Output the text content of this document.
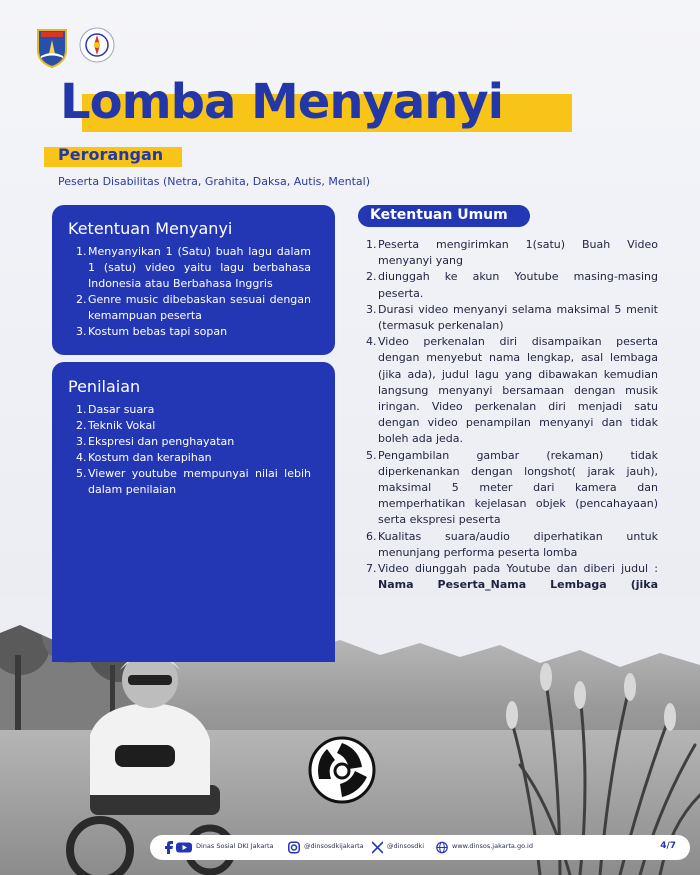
Lomba Menyanyi
Perorangan
Peserta Disabilitas (Netra, Grahita, Daksa, Autis, Mental)
Ketentuan Menyanyi
1. Menyanyikan 1 (Satu) buah lagu dalam 1 (satu) video yaitu lagu berbahasa Indonesia atau Berbahasa Inggris
2. Genre music dibebaskan sesuai dengan kemampuan peserta
3. Kostum bebas tapi sopan
Penilaian
1. Dasar suara
2. Teknik Vokal
3. Ekspresi dan penghayatan
4. Kostum dan kerapihan
5. Viewer youtube mempunyai nilai lebih dalam penilaian
Ketentuan Umum
1. Peserta mengirimkan 1(satu) Buah Video menyanyi yang
2. diunggah ke akun Youtube masing-masing peserta.
3. Durasi video menyanyi selama maksimal 5 menit (termasuk perkenalan)
4. Video perkenalan diri disampaikan peserta dengan menyebut nama lengkap, asal lembaga (jika ada), judul lagu yang dibawakan kemudian langsung menyanyi bersamaan dengan musik iringan. Video perkenalan diri menjadi satu dengan video penampilan menyanyi dan tidak boleh ada jeda.
5. Pengambilan gambar (rekaman) tidak diperkenankan dengan longshot( jarak jauh), maksimal 5 meter dari kamera dan memperhatikan kejelasan objek (pencahayaan) serta ekspresi peserta
6. Kualitas suara/audio diperhatikan untuk menunjang performa peserta lomba
7. Video diunggah pada Youtube dan diberi judul : Nama Peserta_Nama Lembaga (jika
Dinas Sosial DKI Jakarta	@dinsosdkijakarta	@dinsosdki	www.dinsos.jakarta.go.id	4/7
